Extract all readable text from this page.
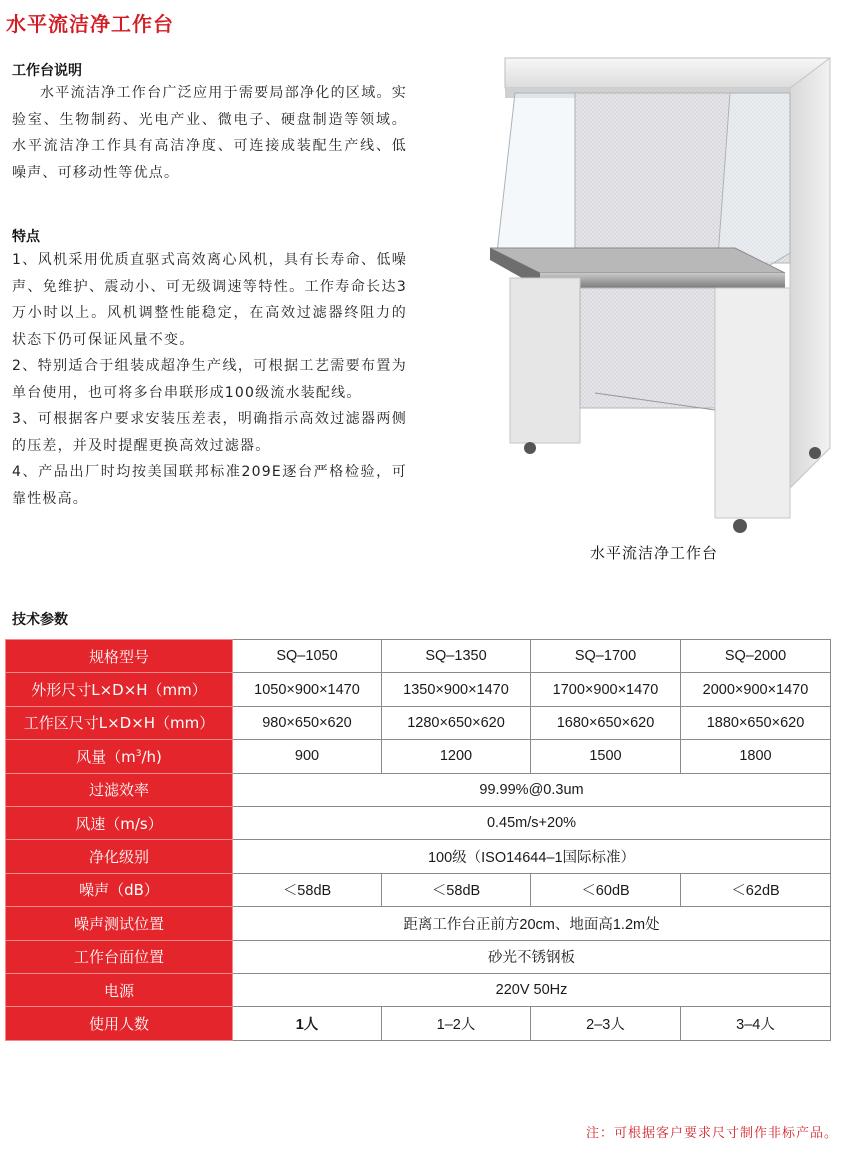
水平流洁净工作台
工作台说明

水平流洁净工作台广泛应用于需要局部净化的区域。实验室、生物制药、光电产业、微电子、硬盘制造等领域。水平流洁净工作具有高洁净度、可连接成装配生产线、低噪声、可移动性等优点。

特点

1、风机采用优质直驱式高效离心风机，具有长寿命、低噪声、免维护、震动小、可无级调速等特性。工作寿命长达3万小时以上。风机调整性能稳定，在高效过滤器终阻力的状态下仍可保证风量不变。

2、特别适合于组装成超净生产线，可根据工艺需要布置为单台使用，也可将多台串联形成100级流水装配线。

3、可根据客户要求安装压差表，明确指示高效过滤器两侧的压差，并及时提醒更换高效过滤器。

4、产品出厂时均按美国联邦标准209E逐台严格检验，可靠性极高。

水平流洁净工作台
技术参数
规格型号	SQ–1050	SQ–1350	SQ–1700	SQ–2000
外形尺寸L×D×H（mm）	1050×900×1470	1350×900×1470	1700×900×1470	2000×900×1470
工作区尺寸L×D×H（mm）	980×650×620	1280×650×620	1680×650×620	1880×650×620
风量$(m^3/h)$	900	1200	1500	1800
过滤效率	99.99%@0.3um			
风速（m/s）	0.45m/s+20%			
净化级别	100级（ISO14644–1国际标准）			
噪声（dB）	＜58dB	＜58dB	＜60dB	＜62dB
噪声测试位置	距离工作台正前方20cm、地面高1.2m处			
工作台面位置	砂光不锈钢板			
电源	220V 50Hz			
使用人数	1人	1–2人	2–3人	3–4人
注：可根据客户要求尺寸制作非标产品。
